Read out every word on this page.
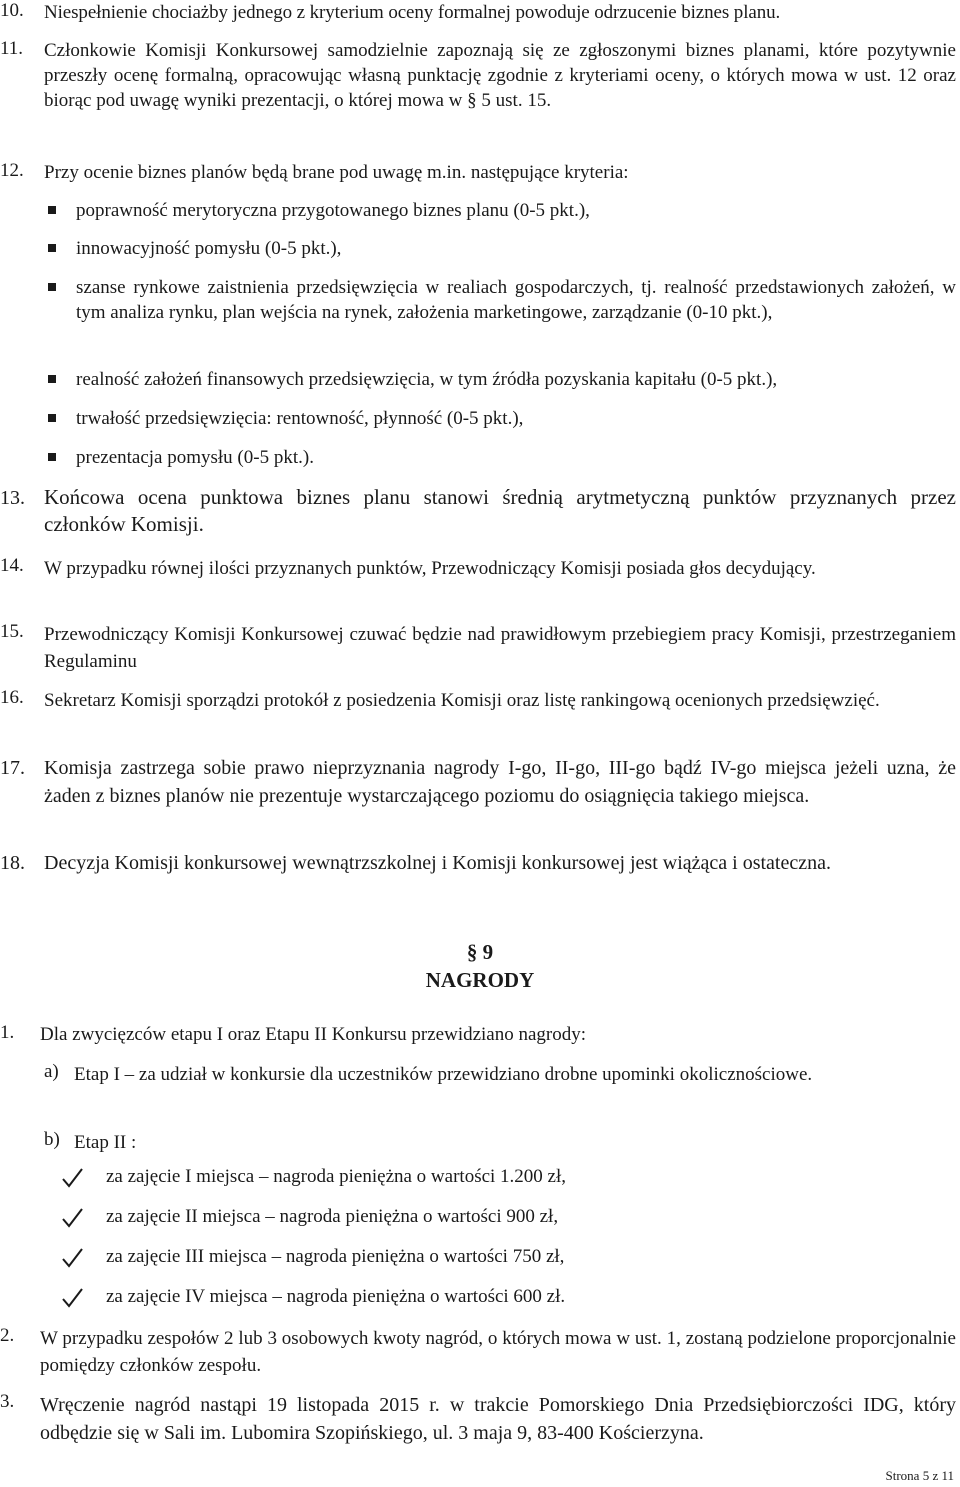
10. Niespełnienie chociażby jednego z kryterium oceny formalnej powoduje odrzucenie biznes planu.
11. Członkowie Komisji Konkursowej samodzielnie zapoznają się ze zgłoszonymi biznes planami, które pozytywnie przeszły ocenę formalną, opracowując własną punktację zgodnie z kryteriami oceny, o których mowa w ust. 12 oraz biorąc pod uwagę wyniki prezentacji, o której mowa w § 5 ust. 15.
12. Przy ocenie biznes planów będą brane pod uwagę m.in. następujące kryteria:
poprawność merytoryczna przygotowanego biznes planu (0-5 pkt.),
innowacyjność pomysłu (0-5 pkt.),
szanse rynkowe zaistnienia przedsięwzięcia w realiach gospodarczych, tj. realność przedstawionych założeń, w tym analiza rynku, plan wejścia na rynek, założenia marketingowe, zarządzanie (0-10 pkt.),
realność założeń finansowych przedsięwzięcia, w tym źródła pozyskania kapitału (0-5 pkt.),
trwałość przedsięwzięcia: rentowność, płynność (0-5 pkt.),
prezentacja pomysłu (0-5 pkt.).
13. Końcowa ocena punktowa biznes planu stanowi średnią arytmetyczną punktów przyznanych przez członków Komisji.
14. W przypadku równej ilości przyznanych punktów, Przewodniczący Komisji posiada głos decydujący.
15. Przewodniczący Komisji Konkursowej czuwać będzie nad prawidłowym przebiegiem pracy Komisji, przestrzeganiem Regulaminu
16. Sekretarz Komisji sporządzi protokół z posiedzenia Komisji oraz listę rankingową ocenionych przedsięwzięć.
17. Komisja zastrzega sobie prawo nieprzyznania nagrody I-go, II-go, III-go bądź IV-go miejsca jeżeli uzna, że żaden z biznes planów nie prezentuje wystarczającego poziomu do osiągnięcia takiego miejsca.
18. Decyzja Komisji konkursowej wewnątrzszkolnej i Komisji konkursowej jest wiążąca i ostateczna.
§ 9
NAGRODY
1. Dla zwycięzców etapu I oraz Etapu II Konkursu przewidziano nagrody:
a) Etap I – za udział w konkursie dla uczestników przewidziano drobne upominki okolicznościowe.
b) Etap II :
za zajęcie I miejsca – nagroda pieniężna o wartości 1.200 zł,
za zajęcie II miejsca – nagroda pieniężna o wartości 900 zł,
za zajęcie III miejsca – nagroda pieniężna o wartości 750 zł,
za zajęcie IV miejsca – nagroda pieniężna o wartości 600 zł.
2. W przypadku zespołów 2 lub 3 osobowych kwoty nagród, o których mowa w ust. 1, zostaną podzielone proporcjonalnie pomiędzy członków zespołu.
3. Wręczenie nagród nastąpi 19 listopada 2015 r. w trakcie Pomorskiego Dnia Przedsiębiorczości IDG, który odbędzie się w Sali im. Lubomira Szopińskiego, ul. 3 maja 9, 83-400 Kościerzyna.
Strona 5 z 11
